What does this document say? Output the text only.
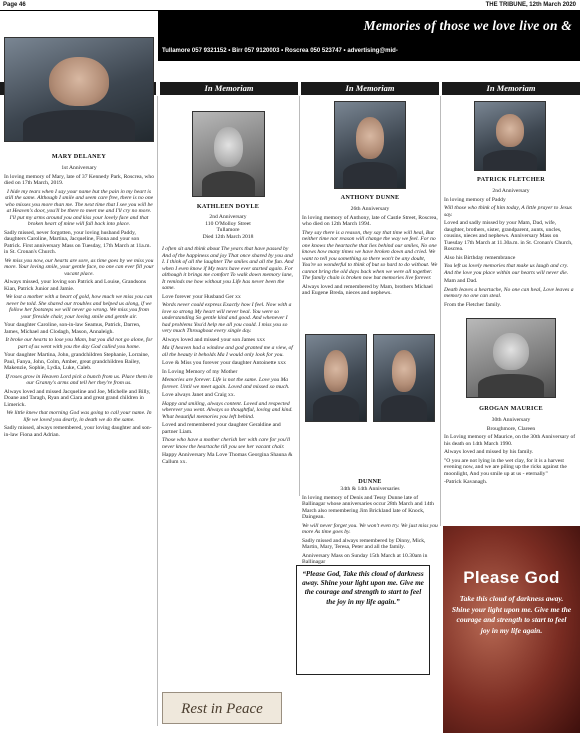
Page 46	THE TRIBUNE, 12th March 2020
Memories of those we love live on &
Tullamore 057 9321152 • Birr 057 9120003 • Roscrea 050 523747 • advertising@mid-
In Memoriam	In Memoriam	In Memoriam
MARY DELANEY

1st Anniversary

In loving memory of Mary, late of 37 Kennedy Park, Roscrea, who died on 17th March, 2019.

I hide my tears when I say your name but the pain in my heart is still the same. Although I smile and seem care free, there is no one who misses you more than me. The next time that I see you will be at Heaven's door, you'll be there to meet me and I'll cry no more. I'll put my arms around you and kiss your lovely face and that broken heart of mine will fall back into place.

Sadly missed, never forgotten, your loving husband Paddy, daughters Caroline, Martina, Jacqueline, Fiona and your son Patrick. First anniversary Mass on Tuesday, 17th March at 11a.m. in St. Cronan's Church.

We miss you now, our hearts are sore, as time goes by we miss you more. Your loving smile, your gentle face, no one can ever fill your vacant place.

Always missed, your loving son Patrick and Louise, Grandsons Kian, Patrick Junior and Jamie.

We lost a mother with a heart of gold, how much we miss you can never be told. She shared our troubles and helped us along, if we follow her footsteps we will never go wrong. We miss you from your fireside chair, your loving smile and gentle air.

Your daughter Caroline, son-in-law Seamus, Patrick, Darren, James, Michael and Clodagh, Mason, Annaleigh.

It broke our hearts to lose you Mam, but you did not go alone, for part of us went with you the day God called you home.

Your daughter Martina, John, grandchildren Stephanie, Lorraine, Paul, Fanya, John, Colm, Amber, great grandchildren Bailey, Makenzie, Sophie, Lydia, Luke, Caleb.

If roses grow in Heaven Lord pick a bunch from us. Place them in our Granny's arms and tell her they're from us.

Always loved and missed Jacqueline and Joe, Michelle and Billy, Doane and Taragh, Ryan and Ciara and great grand children in Limerick.

We little knew that morning God was going to call your name. In life we loved you dearly, in death we do the same.

Sadly missed, always remembered, your loving daughter and son-in-law Fiona and Adrian.

KATHLEEN DOYLE

2nd Anniversary

110 O'Molloy Street

Tullamore

Died 12th March 2018

I often sit and think about The years that have passed by And of the happiness and joy That once shared by you and I. I think of all the laughter The smiles and all the fun. And when I even know if My tears have ever started again. For although it brings me comfort To walk down memory lane, It reminds me how without you Life has never been the same.

Love forever your Husband Ger xx

Words never could express Exactly how I feel. Now with a love so strong My heart will never heal. You were so understanding So gentle kind and good. And whenever I had problems You'd help me all you could. I miss you so very much Throughout every single day.

Always loved and missed your son James xxx

Ma if heaven had a window and god granted me a view, of all the beauty it beholds Ma I would only look for you.

Love & Miss you forever your daughter Antoinette xxx

In Loving Memory of my Mother

Memories are forever. Life is not the same. Love you Ma forever. Until we meet again. Loved and missed so much.

Love always Janet and Craig xx.

Happy and smiling, always content. Loved and respected wherever you went. Always so thoughtful, loving and kind. What beautiful memories you left behind.

Loved and remembered your daughter Geraldine and partner Liam.

Those who have a mother cherish her with care for you'll never know the heartache till you see her vacant chair.

Happy Anniversary Ma Love Thomas Georgina Shauna & Callum xx.

Rest in Peace
ANTHONY DUNNE

26th Anniversary

In loving memory of Anthony, late of Castle Street, Roscrea, who died on 12th March 1994.

They say there is a reason, they say that time will heal, But neither time nor reason will change the way we feel. For no one knows the heartache that lies behind our smiles, No one knows how many times we have broken down and cried. We want to tell you something so there won't be any doubt, You're so wonderful to think of but so hard to do without. We cannot bring the old days back when we were all together. The family chain is broken now but memories live forever.

Always loved and remembered by Mam, brothers Michael and Eugene Breda, nieces and nephews.

DUNNE

34th & 14th Anniversaries

In loving memory of Denis and Tessy Dunne late of Ballinagar whose anniversaries occur 28th March and 14th March also remembering Jim Brickland late of Knock, Daingean.

We will never forget you. We won't even try. We just miss you more As time goes by.

Sadly missed and always remembered by Dinny, Mick, Martin, Mary, Teresa, Peter and all the family.

Anniversary Mass on Sunday 15th March at 10.30am in Ballinagar

“Please God, Take this cloud of darkness away. Shine your light upon me. Give me the courage and strength to start to feel the joy in my life again.”
PATRICK FLETCHER

2nd Anniversary

In loving memory of Paddy

Will those who think of him today, A little prayer to Jesus say.

Loved and sadly missed by your Mam, Dad, wife, daughter, brothers, sister, grandparent, aunts, uncles, cousins, nieces and nephews. Anniversary Mass on Tuesday 17th March at 11.30a.m. in St. Cronan's Church, Roscrea.

Also his Birthday remembrance

You left us lovely memories that make us laugh and cry. And the love you place within our hearts will never die.

Mam and Dad.

Death leaves a heartache, No one can heal, Love leaves a memory no one can steal.

From the Fletcher family.

GROGAN MAURICE

30th Anniversary

Broughmore, Clareen

In Loving memory of Maurice, on the 30th Anniversary of his death on 14th March 1990.

Always loved and missed by his family.

"O you are not lying in the wet clay, for it is a harvest evening now, and we are piling up the ricks against the moonlight, And you smile up at us - eternally"

-Patrick Kavanagh.

Please God
Take this cloud of darkness away. Shine your light upon me. Give me the courage and strength to start to feel joy in my life again.
